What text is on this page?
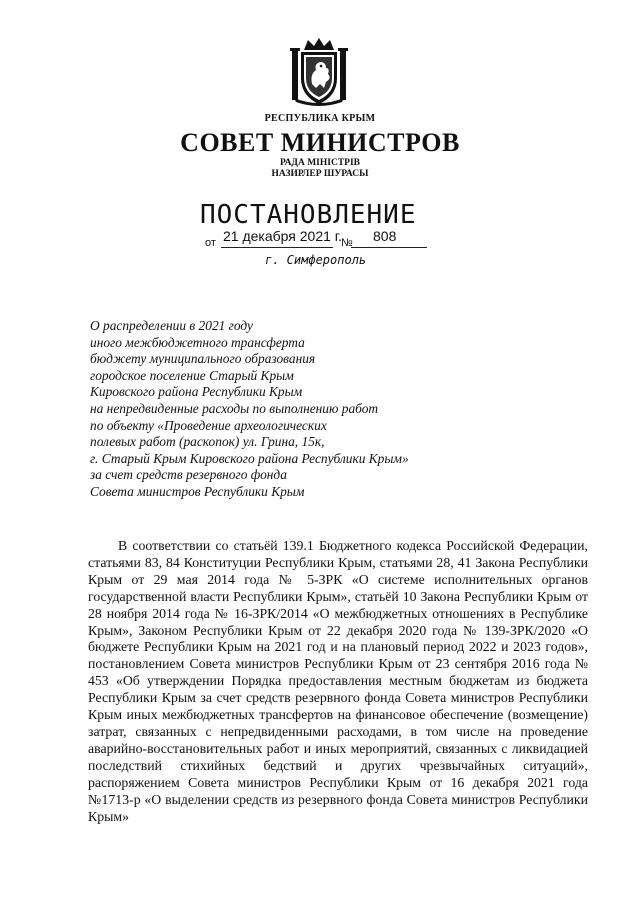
РЕСПУБЛИКА КРЫМ
СОВЕТ МИНИСТРОВ
РАДА МІНІСТРІВ
НАЗИРЛЕР ШУРАСЫ
ПОСТАНОВЛЕНИЕ
от 21 декабря 2021 г.
№ 808
г. Симферополь
О распределении в 2021 году
иного межбюджетного трансферта
бюджету муниципального образования
городское поселение Старый Крым
Кировского района Республики Крым
на непредвиденные расходы по выполнению работ
по объекту «Проведение археологических
полевых работ (раскопок) ул. Грина, 15к,
г. Старый Крым Кировского района Республики Крым»
за счет средств резервного фонда
Совета министров Республики Крым

В соответствии со статьёй 139.1 Бюджетного кодекса Российской Федерации, статьями 83, 84 Конституции Республики Крым, статьями 28, 41 Закона Республики Крым от 29 мая 2014 года № 5-ЗРК «О системе исполнительных органов государственной власти Республики Крым», статьёй 10 Закона Республики Крым от 28 ноября 2014 года № 16-ЗРК/2014 «О межбюджетных отношениях в Республике Крым», Законом Республики Крым от 22 декабря 2020 года № 139-ЗРК/2020 «О бюджете Республики Крым на 2021 год и на плановый период 2022 и 2023 годов», постановлением Совета министров Республики Крым от 23 сентября 2016 года № 453 «Об утверждении Порядка предоставления местным бюджетам из бюджета Республики Крым за счет средств резервного фонда Совета министров Республики Крым иных межбюджетных трансфертов на финансовое обеспечение (возмещение) затрат, связанных с непредвиденными расходами, в том числе на проведение аварийно-восстановительных работ и иных мероприятий, связанных с ликвидацией последствий стихийных бедствий и других чрезвычайных ситуаций», распоряжением Совета министров Республики Крым от 16 декабря 2021 года №1713-р «О выделении средств из резервного фонда Совета министров Республики Крым»
